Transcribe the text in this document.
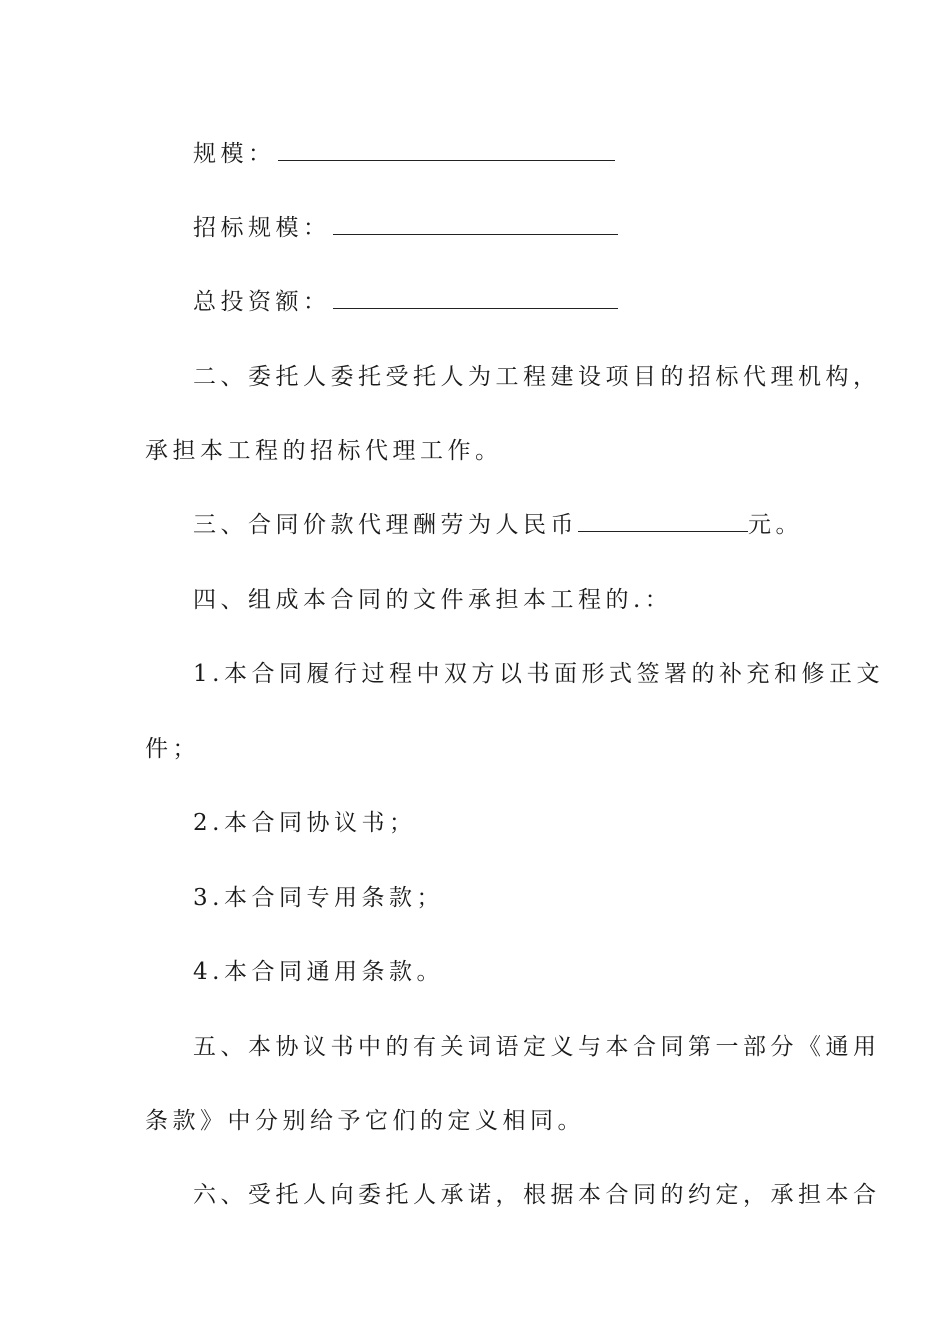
规模：
招标规模：
总投资额：
二、委托人委托受托人为工程建设项目的招标代理机构，
承担本工程的招标代理工作。
三、合同价款代理酬劳为人民币	元。
四、组成本合同的文件承担本工程的.：
1.本合同履行过程中双方以书面形式签署的补充和修正文
件；
2.本合同协议书；
3.本合同专用条款；
4.本合同通用条款。
五、本协议书中的有关词语定义与本合同第一部分《通用
条款》中分别给予它们的定义相同。
六、受托人向委托人承诺，根据本合同的约定，承担本合
